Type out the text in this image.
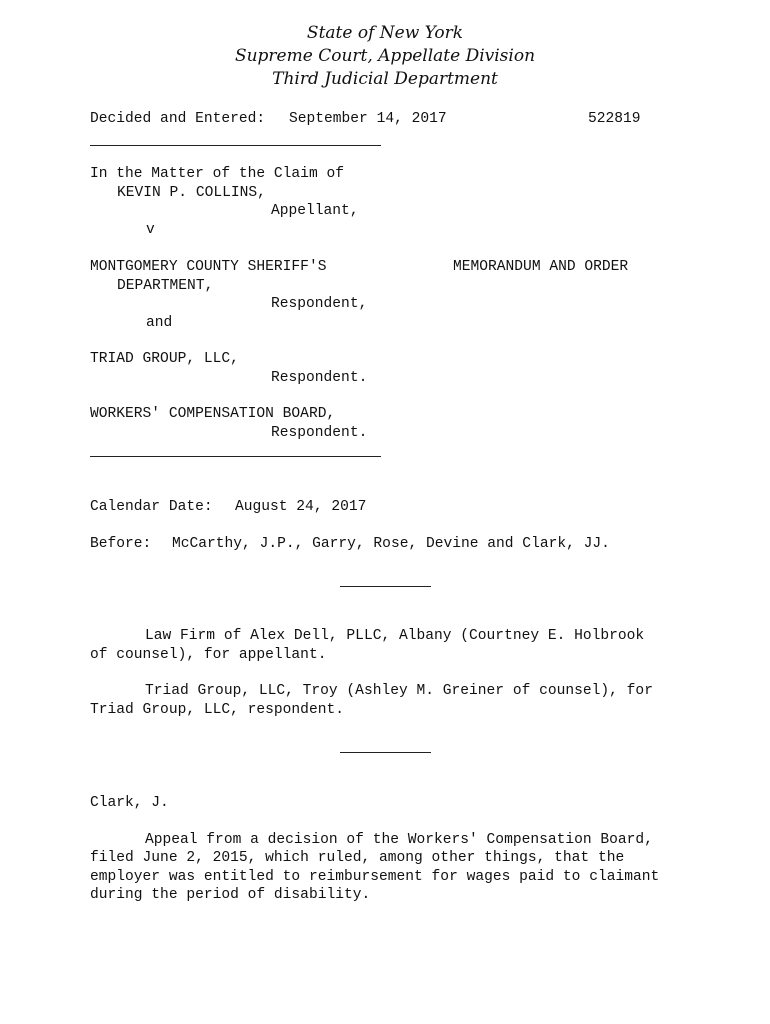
State of New York
Supreme Court, Appellate Division
Third Judicial Department
Decided and Entered: September 14, 2017	522819
In the Matter of the Claim of
KEVIN P. COLLINS,
Appellant,
v
MONTGOMERY COUNTY SHERIFF'S	MEMORANDUM AND ORDER
DEPARTMENT,
Respondent,
and
TRIAD GROUP, LLC,
Respondent.
WORKERS' COMPENSATION BOARD,
Respondent.
Calendar Date: August 24, 2017
Before: McCarthy, J.P., Garry, Rose, Devine and Clark, JJ.
Law Firm of Alex Dell, PLLC, Albany (Courtney E. Holbrook
of counsel), for appellant.
Triad Group, LLC, Troy (Ashley M. Greiner of counsel), for
Triad Group, LLC, respondent.
Clark, J.
Appeal from a decision of the Workers' Compensation Board,
filed June 2, 2015, which ruled, among other things, that the
employer was entitled to reimbursement for wages paid to claimant
during the period of disability.
